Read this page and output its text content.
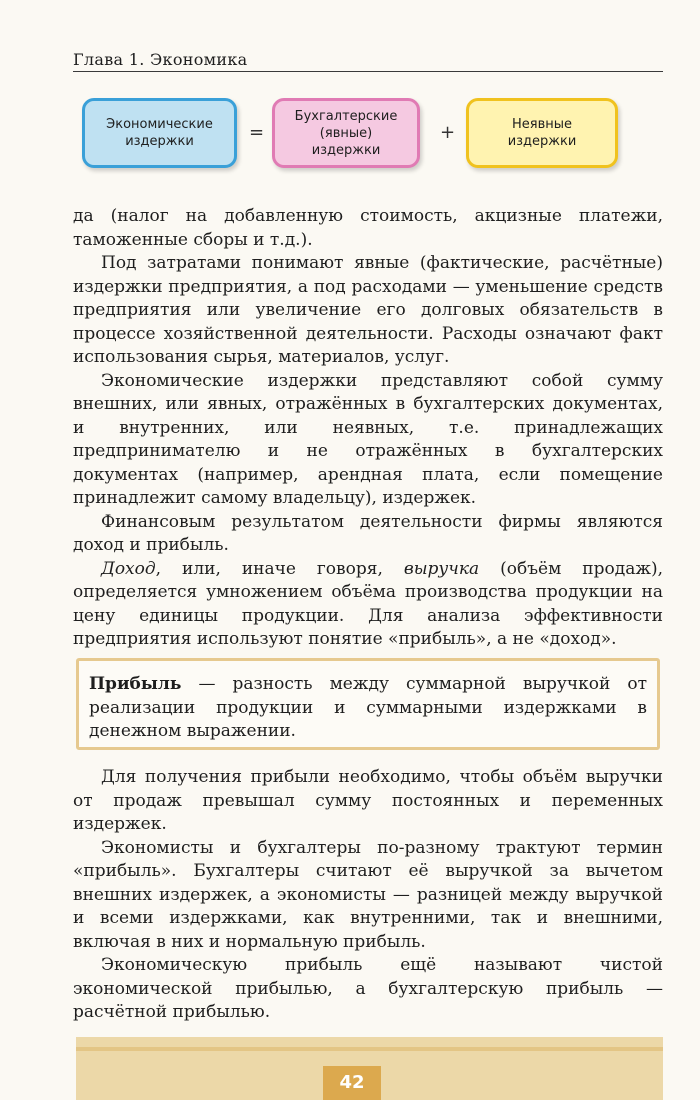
Глава 1. Экономика
Экономические
издержки	=
Бухгалтерские
(явные)
издержки
+	Неявные
издержки

да (налог на добавленную стоимость, акцизные платежи, таможенные сборы и т.д.).

Под затратами понимают явные (фактические, расчётные) издержки предприятия, а под расходами — уменьшение средств предприятия или увеличение его долговых обязательств в процессе хозяйственной деятельности. Расходы означают факт использования сырья, материалов, услуг.

Экономические издержки представляют собой сумму внешних, или явных, отражённых в бухгалтерских документах, и внутренних, или неявных, т.е. принадлежащих предпринимателю и не отражённых в бухгалтерских документах (например, арендная плата, если помещение принадлежит самому владельцу), издержек.

Финансовым результатом деятельности фирмы являются доход и прибыль.

Доход, или, иначе говоря, выручка (объём продаж), определяется умножением объёма производства продукции на цену единицы продукции. Для анализа эффективности предприятия используют понятие «прибыль», а не «доход».

Прибыль — разность между суммарной выручкой от реализации продукции и суммарными издержками в денежном выражении.

Для получения прибыли необходимо, чтобы объём выручки от продаж превышал сумму постоянных и переменных издержек.

Экономисты и бухгалтеры по-разному трактуют термин «прибыль». Бухгалтеры считают её выручкой за вычетом внешних издержек, а экономисты — разницей между выручкой и всеми издержками, как внутренними, так и внешними, включая в них и нормальную прибыль.

Экономическую прибыль ещё называют чистой экономической прибылью, а бухгалтерскую прибыль — расчётной прибылью.

42
